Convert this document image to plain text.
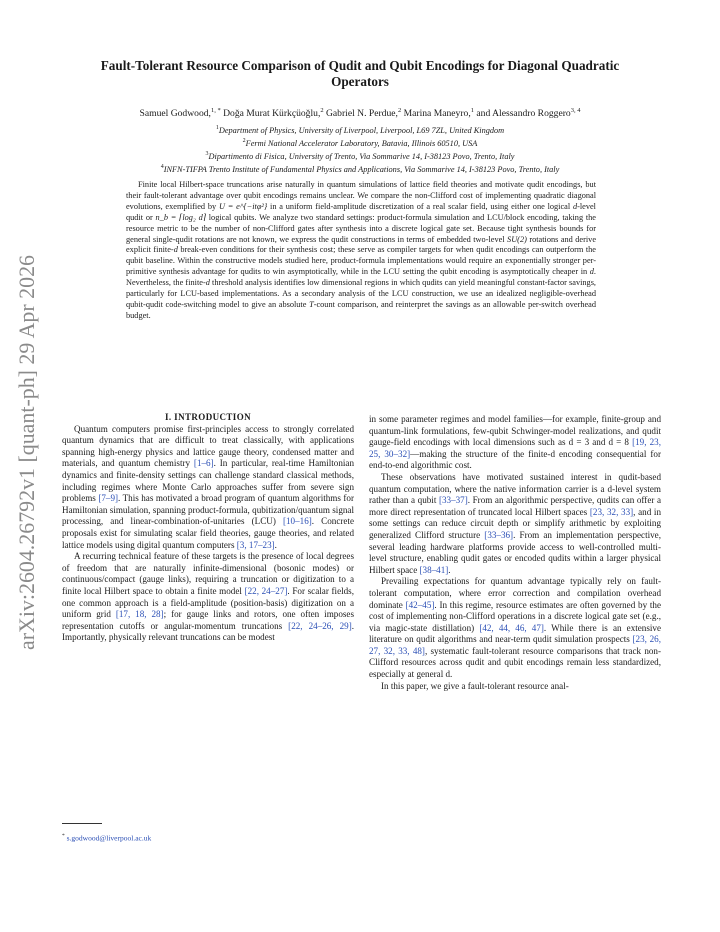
arXiv:2604.26792v1 [quant-ph] 29 Apr 2026
Fault-Tolerant Resource Comparison of Qudit and Qubit Encodings for Diagonal Quadratic Operators
Samuel Godwood,$^{1, *}$ Doğa Murat Kürkçüoğlu,$^2$ Gabriel N. Perdue,$^2$ Marina Maneyro,$^1$ and Alessandro Roggero$^{3, 4}$
$^1$Department of Physics, University of Liverpool, Liverpool, L69 7ZL, United Kingdom
$^2$Fermi National Accelerator Laboratory, Batavia, Illinois 60510, USA
$^3$Dipartimento di Fisica, University of Trento, Via Sommarive 14, I-38123 Povo, Trento, Italy
$^4$INFN-TIFPA Trento Institute of Fundamental Physics and Applications, Via Sommarive 14, I-38123 Povo, Trento, Italy

Finite local Hilbert-space truncations arise naturally in quantum simulations of lattice field theories and motivate qudit encodings, but their fault-tolerant advantage over qubit encodings remains unclear. We compare the non-Clifford cost of implementing quadratic diagonal evolutions, exemplified by U = e^{−itφ²} in a uniform field-amplitude discretization of a real scalar field, using either one logical d-level qudit or n_b = ⌈log₂ d⌉ logical qubits. We analyze two standard settings: product-formula simulation and LCU/block encoding, taking the resource metric to be the number of non-Clifford gates after synthesis into a discrete logical gate set. Because tight synthesis bounds for general single-qudit rotations are not known, we express the qudit constructions in terms of embedded two-level SU(2) rotations and derive explicit finite-d break-even conditions for their synthesis cost; these serve as compiler targets for when qudit encodings can outperform the qubit baseline. Within the constructive models studied here, product-formula implementations would require an exponentially stronger per-primitive synthesis advantage for qudits to win asymptotically, while in the LCU setting the qubit encoding is asymptotically cheaper in d. Nevertheless, the finite-d threshold analysis identifies low dimensional regions in which qudits can yield meaningful constant-factor savings, particularly for LCU-based implementations. As a secondary analysis of the LCU construction, we use an idealized negligible-overhead qubit-qudit code-switching model to give an absolute T-count comparison, and reinterpret the savings as an allowable per-switch overhead budget.

I. INTRODUCTION

Quantum computers promise first-principles access to strongly correlated quantum dynamics that are difficult to treat classically, with applications spanning high-energy physics and lattice gauge theory, condensed matter and materials, and quantum chemistry [1–6]. In particular, real-time Hamiltonian dynamics and finite-density settings can challenge standard classical methods, including regimes where Monte Carlo approaches suffer from severe sign problems [7–9]. This has motivated a broad program of quantum algorithms for Hamiltonian simulation, spanning product-formula, qubitization/quantum signal processing, and linear-combination-of-unitaries (LCU) [10–16]. Concrete proposals exist for simulating scalar field theories, gauge theories, and related lattice models using digital quantum computers [3, 17–23].

A recurring technical feature of these targets is the presence of local degrees of freedom that are naturally infinite-dimensional (bosonic modes) or continuous/compact (gauge links), requiring a truncation or digitization to a finite local Hilbert space to obtain a finite model [22, 24–27]. For scalar fields, one common approach is a field-amplitude (position-basis) digitization on a uniform grid [17, 18, 28]; for gauge links and rotors, one often imposes representation cutoffs or angular-momentum truncations [22, 24–26, 29]. Importantly, physically relevant truncations can be modest

in some parameter regimes and model families—for example, finite-group and quantum-link formulations, few-qubit Schwinger-model realizations, and qudit gauge-field encodings with local dimensions such as d = 3 and d = 8 [19, 23, 25, 30–32]—making the structure of the finite-d encoding consequential for end-to-end algorithmic cost.

These observations have motivated sustained interest in qudit-based quantum computation, where the native information carrier is a d-level system rather than a qubit [33–37]. From an algorithmic perspective, qudits can offer a more direct representation of truncated local Hilbert spaces [23, 32, 33], and in some settings can reduce circuit depth or simplify arithmetic by exploiting generalized Clifford structure [33–36]. From an implementation perspective, several leading hardware platforms provide access to well-controlled multi-level structure, enabling qudit gates or encoded qudits within a larger physical Hilbert space [38–41].

Prevailing expectations for quantum advantage typically rely on fault-tolerant computation, where error correction and compilation overhead dominate [42–45]. In this regime, resource estimates are often governed by the cost of implementing non-Clifford operations in a discrete logical gate set (e.g., via magic-state distillation) [42, 44, 46, 47]. While there is an extensive literature on qudit algorithms and near-term qudit simulation prospects [23, 26, 27, 32, 33, 48], systematic fault-tolerant resource comparisons that track non-Clifford resources across qudit and qubit encodings remain less standardized, especially at general d.

In this paper, we give a fault-tolerant resource anal-

* s.godwood@liverpool.ac.uk
